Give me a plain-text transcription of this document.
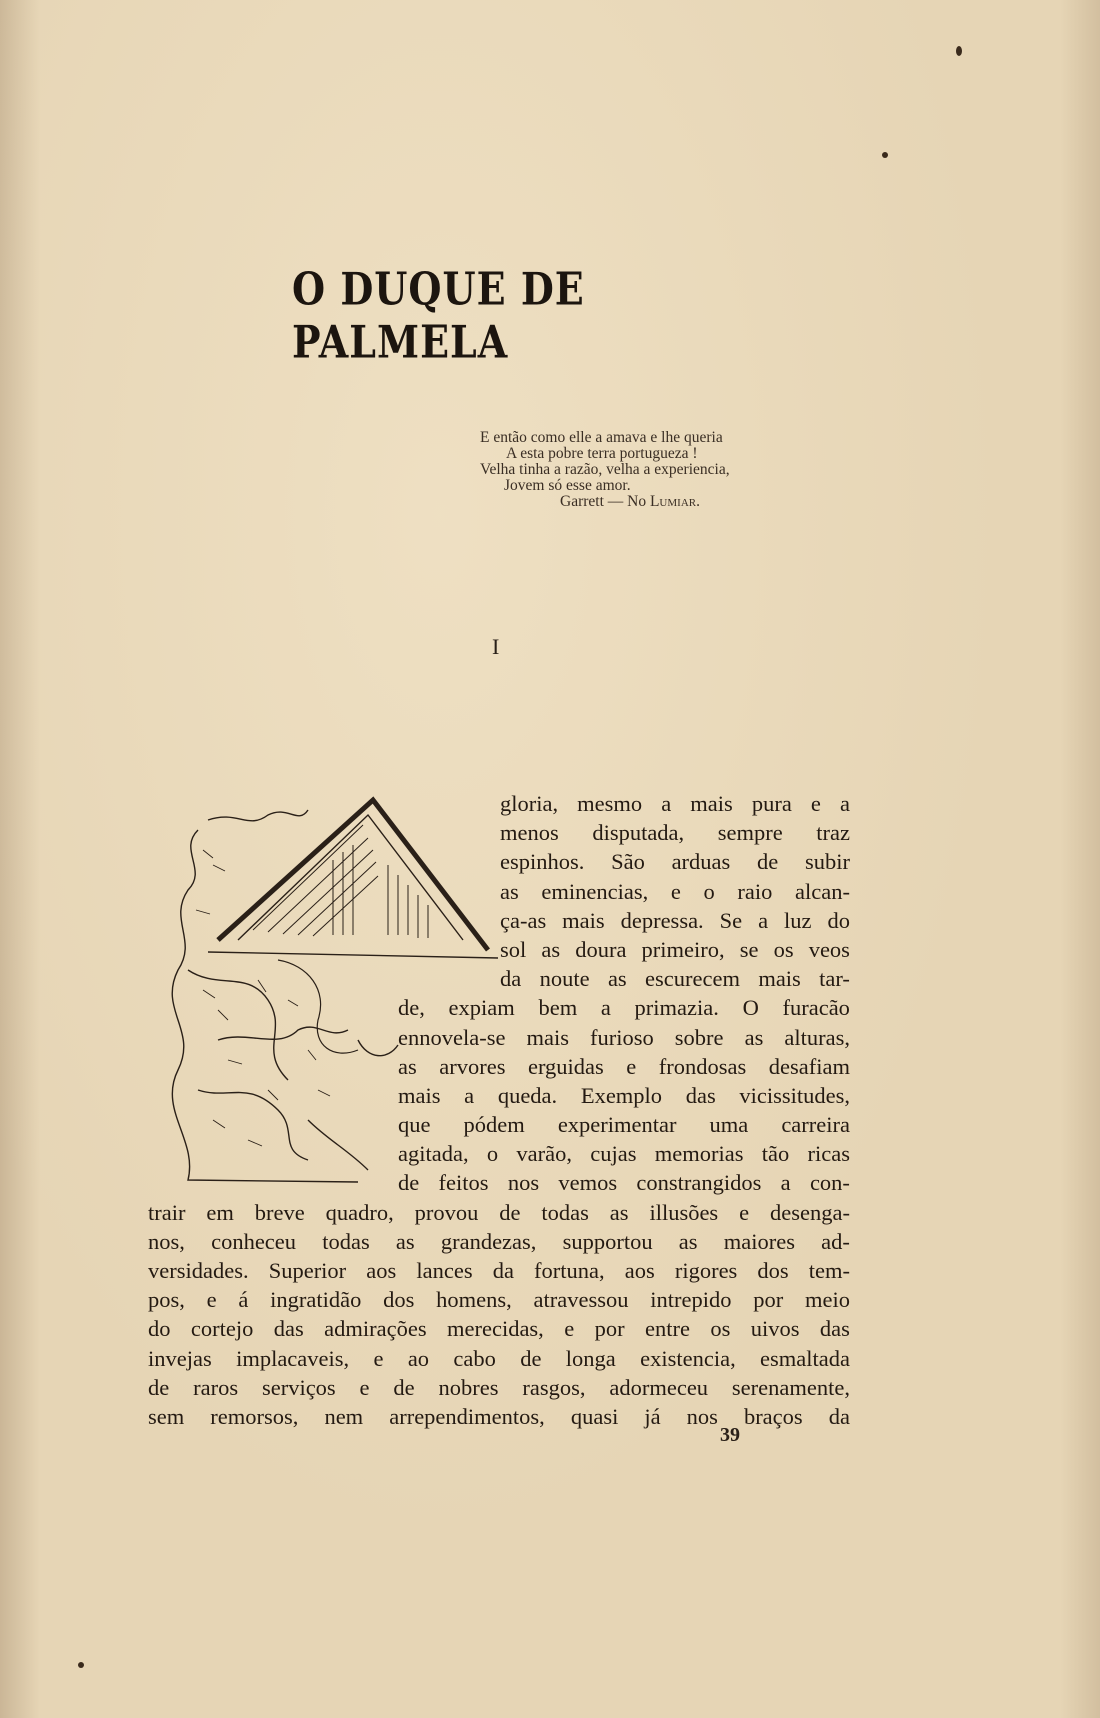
O DUQUE DE PALMELA
E então como elle a amava e lhe queria
A esta pobre terra portugueza !
Velha tinha a razão, velha a experiencia,
Jovem só esse amor.
Garrett — No Lumiar.
I
gloria, mesmo a mais pura e a
menos disputada, sempre traz
espinhos. São arduas de subir
as eminencias, e o raio alcan-
ça-as mais depressa. Se a luz do
sol as doura primeiro, se os veos
da noute as escurecem mais tar-
de, expiam bem a primazia. O furacão
ennovela-se mais furioso sobre as alturas,
as arvores erguidas e frondosas desafiam
mais a queda. Exemplo das vicissitudes,
que pódem experimentar uma carreira
agitada, o varão, cujas memorias tão ricas
de feitos nos vemos constrangidos a con-
trair em breve quadro, provou de todas as illusões e desenga-
nos, conheceu todas as grandezas, supportou as maiores ad-
versidades. Superior aos lances da fortuna, aos rigores dos tem-
pos, e á ingratidão dos homens, atravessou intrepido por meio
do cortejo das admirações merecidas, e por entre os uivos das
invejas implacaveis, e ao cabo de longa existencia, esmaltada
de raros serviços e de nobres rasgos, adormeceu serenamente,
sem remorsos, nem arrependimentos, quasi já nos braços da
39
